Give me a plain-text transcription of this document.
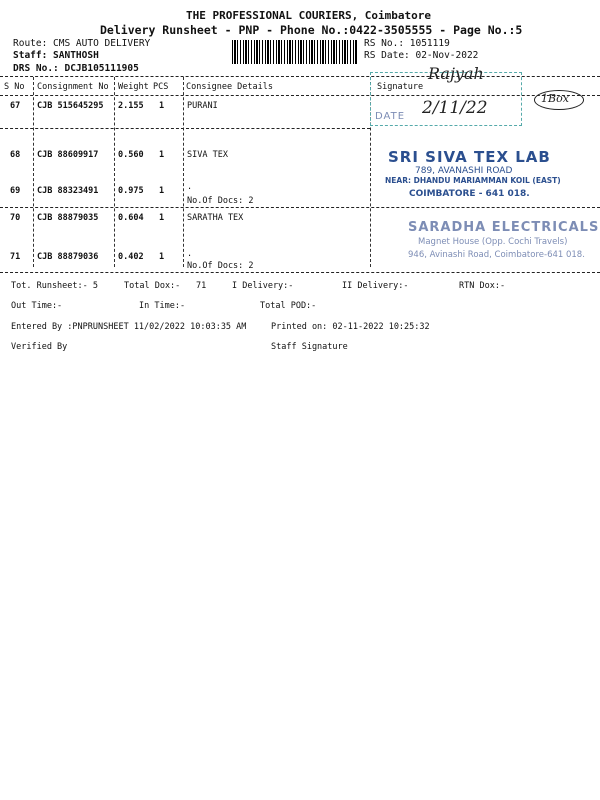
THE PROFESSIONAL COURIERS, Coimbatore
Delivery Runsheet - PNP - Phone No.:0422-3505555 - Page No.:5
Route: CMS AUTO DELIVERY
Staff: SANTHOSH
DRS No.: DCJB105111905
RS No.: 1051119
RS Date: 02-Nov-2022
S No Consignment No Weight PCS Consignee Details	Signature
67 CJB 515645295 2.155 1	PURANI
68 CJB 88609917 0.560 1	SIVA TEX
69 CJB 88323491 0.975 1	.
No.Of Docs: 2
70 CJB 88879035 0.604 1	SARATHA TEX
71 CJB 88879036 0.402 1	.
No.Of Docs: 2
DATE
Rajyah
2/11/22	1Box
SRI SIVA TEX LAB
789, AVANASHI ROAD
NEAR: DHANDU MARIAMMAN KOIL (EAST)
COIMBATORE - 641 018.
SARADHA ELECTRICALS
Magnet House (Opp. Cochi Travels)
946, Avinashi Road, Coimbatore-641 018.
Tot. Runsheet:- 5	Total Dox:- 71	I Delivery:-	II Delivery:-	RTN Dox:-
Out Time:-	In Time:-	Total POD:-
Entered By :PNPRUNSHEET 11/02/2022 10:03:35 AM	Printed on: 02-11-2022 10:25:32
Verified By	Staff Signature
